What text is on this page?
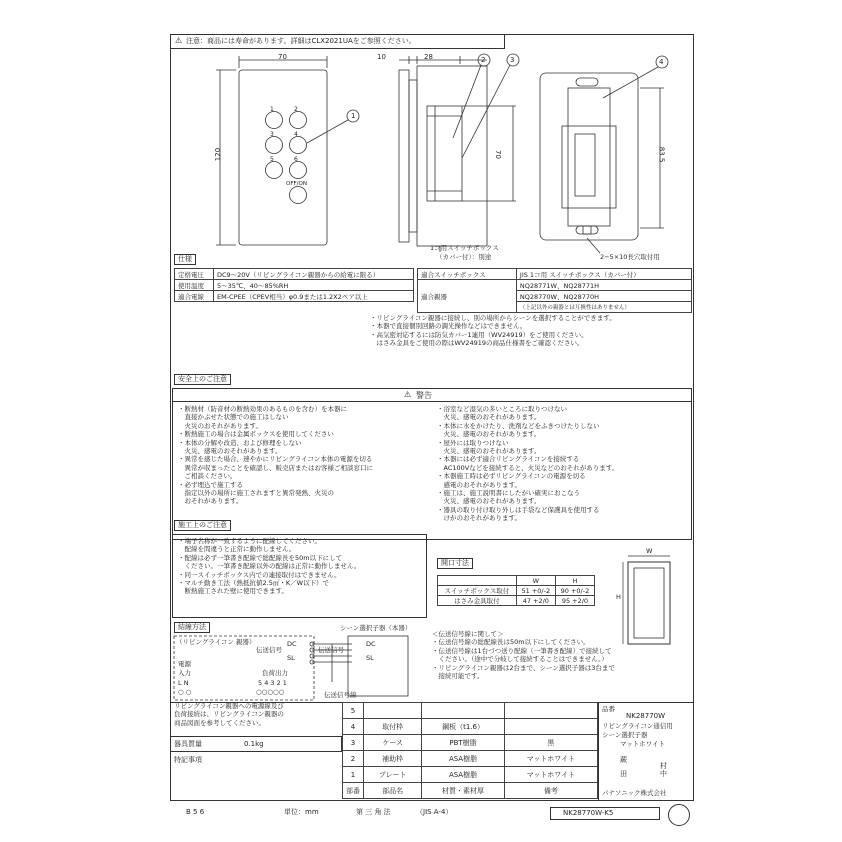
⚠ 注意：商品には寿命があります。詳細はCLX2021UAをご参照ください。
70
120
1	2
3	4
5	6
OFF/ON
1
10	28
70
2	3
1コ用スイッチボックス
（カバー付）：別途
83.5
4
2−5×10長穴取付用
仕様
定格電圧	DC9〜20V（リビングライコン親器からの給電に限る）
使用温度	5〜35℃、40〜85%RH
適合電線	EM-CPEE（CPEV相当）φ0.9または1.2X2ペア以上
適合スイッチボックス	JIS 1コ用 スイッチボックス（カバー付）
適合親器	NQ28771W、NQ28771H
	NQ28770W、NQ28770H
	（上記以外の親器とは互換性はありません）
・リビングライコン親器に接続し、別の場所からシーンを選択することができます。
・本器で直接個別回路の調光操作などはできません。
・高気密対応するには防気カバー1連用（WV24919）をご使用ください。
　はさみ金具をご使用の際はWV24919の商品仕様書をご確認ください。
安全上のご注意
⚠ 警告
・断熱材（防音材の断熱効果のあるものを含む）を本器に
　直接かぶせた状態での施工はしない
　火災のおそれがあります。
・断熱施工の場合は金属ボックスを使用してください
・本体の分解や改造、および修理をしない
　火災、感電のおそれがあります。
・異常を感じた場合、速やかにリビングライコン本体の電源を切る
　異常が収まったことを確認し、販売店またはお客様ご相談窓口に
　ご相談ください。
・必ず埋込で施工する
　指定以外の場所に施工されますと異常発熱、火災の
　おそれがあります。
・浴室など湿気の多いところに取りつけない
　火災、感電のおそれがあります。
・本体に水をかけたり、洗剤などをふきつけたりしない
　火災、感電のおそれがあります。
・屋外には取りつけない
　火災、感電のおそれがあります。
・本器には必ず適合リビングライコンを接続する
　AC100Vなどを接続すると、火災などのおそれがあります。
・本器施工時は必ずリビングライコンの電源を切る
　感電のおそれがあります。
・施工は、施工説明書にしたがい確実におこなう
　火災、感電のおそれがあります。
・器具の取り付け取り外しは手袋など保護具を使用する
　けがのおそれがあります。
施工上のご注意
・端子名称が一致するように配線してください。
　配線を間違うと正常に動作しません。
・配線は必ず一筆書き配線で総配線長を50m以下にして
　ください。一筆書き配線以外の配線は正常に動作しません。
・同一スイッチボックス内での連接取付はできません。
・マルチ動き工法（熱抵抗値2.5㎡・K／W以下）で
　断熱施工された壁に使用できます。
開口寸法
	W	H
スイッチボックス取付	51 +0/-2	90 +0/-2
はさみ金具取付	47 +2/0	95 +2/0
W
H
結線方法	シーン選択子器（本器）
（リビングライコン 親器）
伝送信号
DC
SL
伝送信号
DC
SL
電源
入力	負荷出力
L N	5 4 3 2 1
○○○○○
○ ○	伝送信号線
＜伝送信号線に関して＞
・伝送信号線の総配線長は50m以下にしてください。
・伝送信号線は1台づつ送り配線（一筆書き配線）で接続して
　ください。（途中で分岐して接続することはできません。）
・リビングライコン親器は2台まで、シーン選択子器は3台まで
　接続可能です。
リビングライコン親器への電源線及び
負荷接続は、リビングライコン親器の
商品図面を参考してください。
器具質量	0.1kg
特記事項
5			
4	取付枠	鋼板（t1.6）	
3	ケース	PBT樹脂	黒
2	補助枠	ASA樹脂	マットホワイト
1	プレート	ASA樹脂	マットホワイト
部番	部品名	材質・素材厚	備考
品番
NK28770W
リビングライコン通信用
シーン選択子器
マットホワイト
蕨
村
田	中
パナソニック株式会社
B 5 6	単位：mm	第 三 角 法	（JIS A-4）	NK28770W-K5
